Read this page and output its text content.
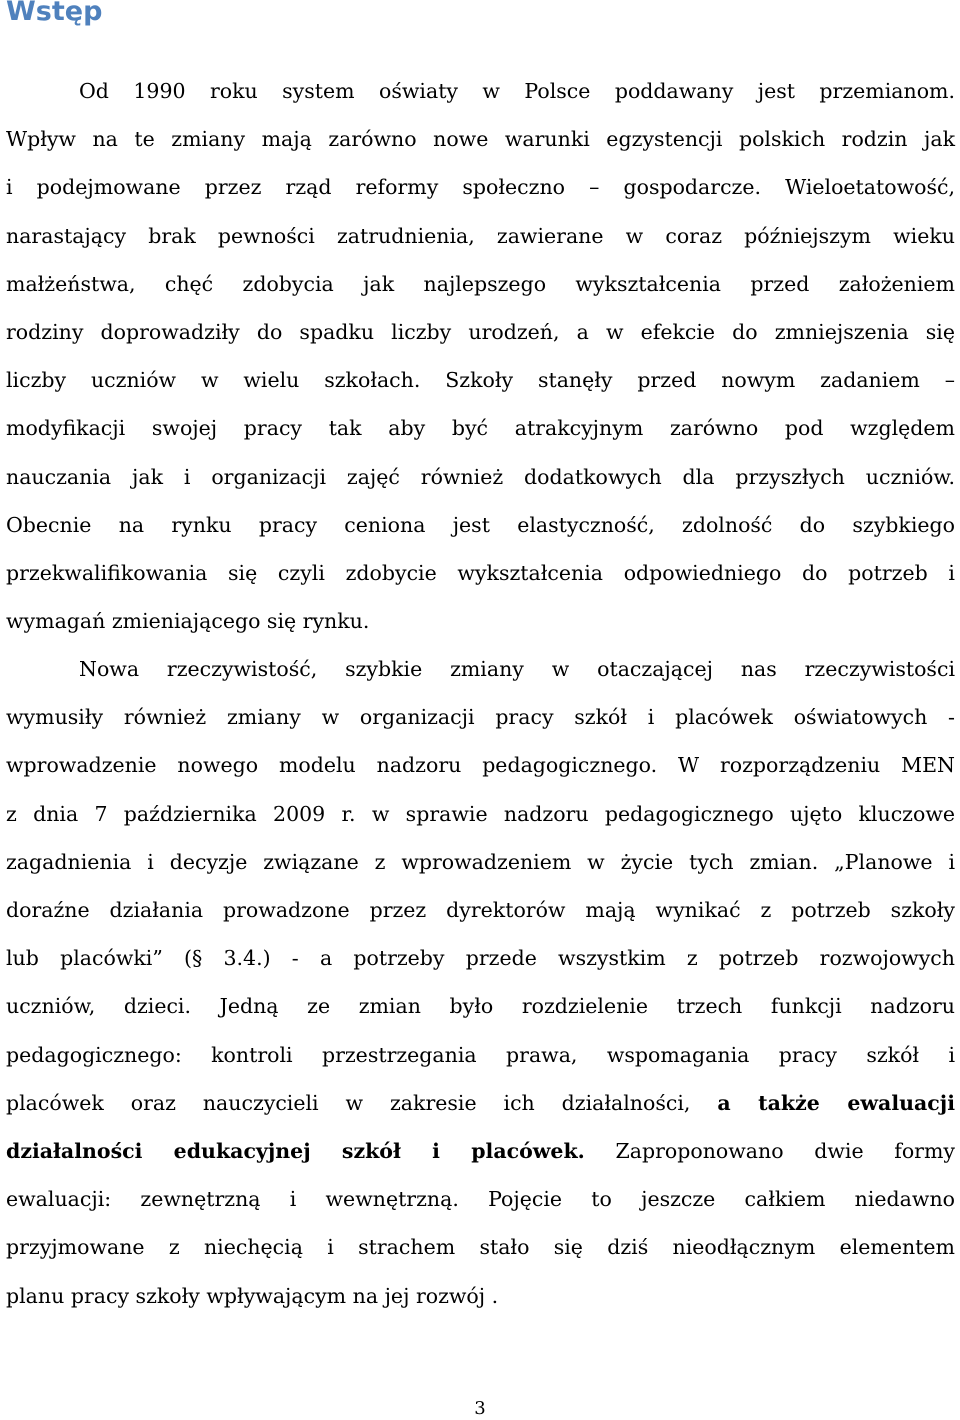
Wstęp
Od 1990 roku system oświaty w Polsce poddawany jest przemianom.
Wpływ na te zmiany mają zarówno nowe warunki egzystencji polskich rodzin jak
i podejmowane przez rząd reformy społeczno – gospodarcze. Wieloetatowość,
narastający brak pewności zatrudnienia, zawierane w coraz późniejszym wieku
małżeństwa, chęć zdobycia jak najlepszego wykształcenia przed założeniem
rodziny doprowadziły do spadku liczby urodzeń, a w efekcie do zmniejszenia się
liczby uczniów w wielu szkołach. Szkoły stanęły przed nowym zadaniem –
modyfikacji swojej pracy tak aby być atrakcyjnym zarówno pod względem
nauczania jak i organizacji zajęć również dodatkowych dla przyszłych uczniów.
Obecnie na rynku pracy ceniona jest elastyczność, zdolność do szybkiego
przekwalifikowania się czyli zdobycie wykształcenia odpowiedniego do potrzeb i
wymagań zmieniającego się rynku.
Nowa rzeczywistość, szybkie zmiany w otaczającej nas rzeczywistości
wymusiły również zmiany w organizacji pracy szkół i placówek oświatowych -
wprowadzenie nowego modelu nadzoru pedagogicznego. W rozporządzeniu MEN
z dnia 7 października 2009 r. w sprawie nadzoru pedagogicznego ujęto kluczowe
zagadnienia i decyzje związane z wprowadzeniem w życie tych zmian. „Planowe i
doraźne działania prowadzone przez dyrektorów mają wynikać z potrzeb szkoły
lub placówki” (§ 3.4.) - a potrzeby przede wszystkim z potrzeb rozwojowych
uczniów, dzieci. Jedną ze zmian było rozdzielenie trzech funkcji nadzoru
pedagogicznego: kontroli przestrzegania prawa, wspomagania pracy szkół i
placówek oraz nauczycieli w zakresie ich działalności, a także ewaluacji
działalności edukacyjnej szkół i placówek. Zaproponowano dwie formy
ewaluacji: zewnętrzną i wewnętrzną. Pojęcie to jeszcze całkiem niedawno
przyjmowane z niechęcią i strachem stało się dziś nieodłącznym elementem
planu pracy szkoły wpływającym na jej rozwój .
3
